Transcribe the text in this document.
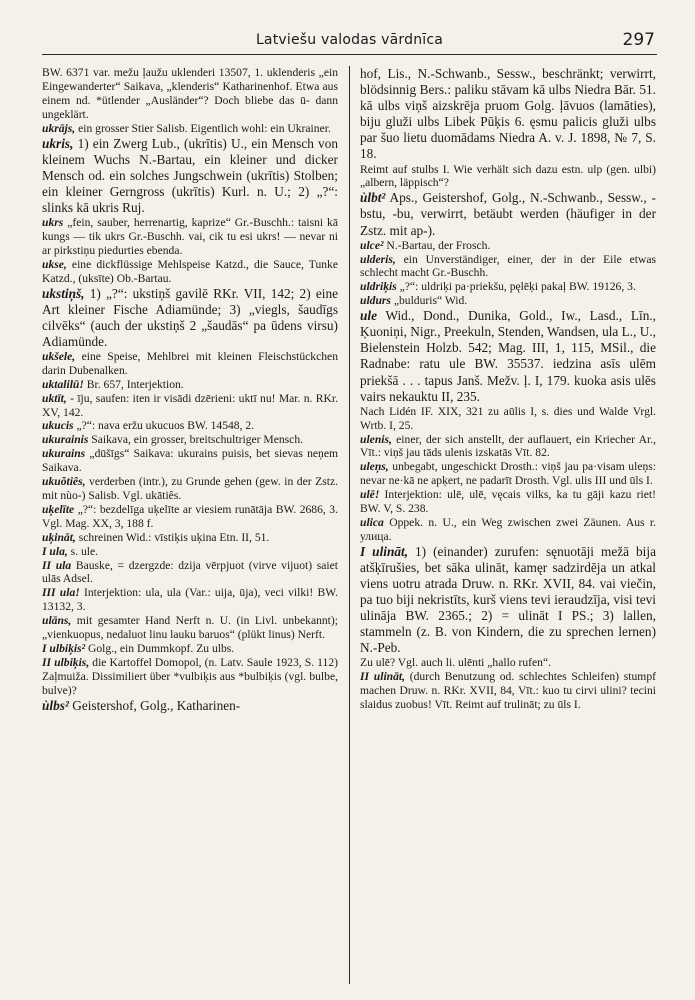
Latviešu valodas vārdnīca	297

BW. 6371 var. mežu ļaužu uklenderi 13507, 1. uklenderis „ein Eingewanderter“ Saikava, „klenderis“ Katharinenhof. Etwa aus einem nd. *ütlender „Ausländer“? Doch bliebe das ū- dann ungeklärt.

ukrājs, ein grosser Stier Salisb. Eigentlich wohl: ein Ukrainer.

ukris, 1) ein Zwerg Lub., (ukrītis) U., ein Mensch von kleinem Wuchs N.-Bartau, ein kleiner und dicker Mensch od. ein solches Jungschwein (ukrītis) Stolben; ein kleiner Gerngross (ukrītis) Kurl. n. U.; 2) „?“: slinks kā ukris Ruj.

ukrs „fein, sauber, herrenartig, kaprize“ Gr.-Buschh.: taisni kā kungs — tik ukrs Gr.-Buschh. vai, cik tu esi ukrs! — nevar ni ar pirkstiņu piedurties ebenda.

ukse, eine dickflüssige Mehlspeise Katzd., die Sauce, Tunke Katzd., (uksīte) Ob.-Bartau.

ukstiņš, 1) „?“: ukstiņš gavilē RKr. VII, 142; 2) eine Art kleiner Fische Adiamünde; 3) „viegls, šaudīgs cilvēks“ (auch der ukstiņš 2 „šaudās“ pa ūdens virsu) Adiamünde.

ukšele, eine Speise, Mehlbrei mit kleinen Fleischstückchen darin Dubenalken.

uktalilū! Br. 657, Interjektion.

uktīt, - īju, saufen: iten ir visādi dzērieni: uktī nu! Mar. n. RKr. XV, 142.

ukucis „?“: nava eržu ukucuos BW. 14548, 2.

ukurainis Saikava, ein grosser, breitschultriger Mensch.

ukurains „dūšīgs“ Saikava: ukurains puisis, bet sievas neņem Saikava.

ukuõtiês, verderben (intr.), zu Grunde gehen (gew. in der Zstz. mit nùo-) Salisb. Vgl. ukātiês.

uķelīte „?“: bezdelīga uķelīte ar viesiem runātāja BW. 2686, 3. Vgl. Mag. XX, 3, 188 f.

uķināt, schreinen Wid.: vīstiķis uķina Etn. II, 51.

I ula, s. ule.

II ula Bauske, = dzergzde: dzija vērpjuot (virve vijuot) saiet ulās Adsel.

III ula! Interjektion: ula, ula (Var.: uija, ūja), veci vilki! BW. 13132, 3.

ulāns, mit gesamter Hand Nerft n. U. (in Livl. unbekannt); „vienkuopus, nedaluot linu lauku baruos“ (plükt linus) Nerft.

I ulbiķis² Golg., ein Dummkopf. Zu ulbs.

II ulbiķis, die Kartoffel Domopol, (n. Latv. Saule 1923, S. 112) Zaļmuiža. Dissimiliert über *vulbiķis aus *bulbiķis (vgl. bulbe, bulve)?

ùlbs² Geistershof, Golg., Katharinen-

hof, Lis., N.-Schwanb., Sessw., beschränkt; verwirrt, blödsinnig Bers.: paliku stāvam kā ulbs Niedra Bār. 51. kā ulbs viņš aizskrēja pruom Golg. ļāvuos (lamāties), biju gluži ulbs Libek Pūķis 6. ęsmu palicis gluži ulbs par šuo lietu duomādams Niedra A. v. J. 1898, № 7, S. 18.

Reimt auf stulbs I. Wie verhält sich dazu estn. ulp (gen. ulbi) „albern, läppisch“?

ùlbt² Aps., Geistershof, Golg., N.-Schwanb., Sessw., -bstu, -bu, verwirrt, betäubt werden (häufiger in der Zstz. mit ap-).

ulce² N.-Bartau, der Frosch.

ulderis, ein Unverständiger, einer, der in der Eile etwas schlecht macht Gr.-Buschh.

uldriķis „?“: uldriķi pa·priekšu, pęlēķi pakaļ BW. 19126, 3.

uldurs „bulduris“ Wid.

ule Wid., Dond., Dunika, Gold., Iw., Lasd., Līn., Ķuoniņi, Nigr., Preekuln, Stenden, Wandsen, ula L., U., Bielenstein Holzb. 542; Mag. III, 1, 115, MSil., die Radnabe: ratu ule BW. 35537. iedzina asīs ulēm priekšā . . . tapus Janš. Mežv. ļ. I, 179. kuoka asis ulēs vairs nekauktu II, 235.

Nach Lidén IF. XIX, 321 zu aūlis I, s. dies und Walde Vrgl. Wrtb. I, 25.

ulenis, einer, der sich anstellt, der auflauert, ein Kriecher Ar., Vīt.: viņš jau tāds ulenis izskatās Vīt. 82.

uleņs, unbegabt, ungeschickt Drosth.: viņš jau pa·visam uleņs: nevar ne·kā ne apķert, ne padarīt Drosth. Vgl. ulis III und ūls I.

ulē! Interjektion: ulē, ulē, vęcais vilks, ka tu gāji kazu riet! BW. V, S. 238.

ulica Oppek. n. U., ein Weg zwischen zwei Zäunen. Aus r. улица.

I ulināt, 1) (einander) zurufen: sęnuotāji mežā bija atšķīrušies, bet sāka ulināt, kamęr sadzirdēja un atkal viens uotru atrada Druw. n. RKr. XVII, 84. vai viečin, pa tuo biji nekristīts, kurš viens tevi ieraudzīja, visi tevi ulināja BW. 2365.; 2) = ulināt I PS.; 3) lallen, stammeln (z. B. von Kindern, die zu sprechen lernen) N.-Peb.

Zu ulē? Vgl. auch li. ulēnti „hallo rufen“.

II ulināt, (durch Benutzung od. schlechtes Schleifen) stumpf machen Druw. n. RKr. XVII, 84, Vīt.: kuo tu cirvi ulini? tecini slaidus zuobus! Vīt. Reimt auf trulināt; zu ūls I.
